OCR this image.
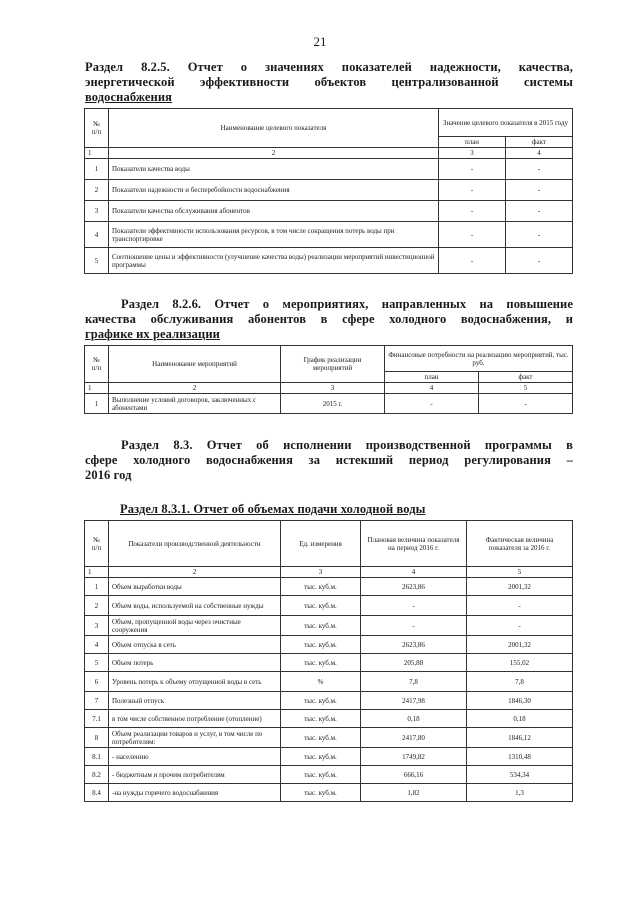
21
Раздел 8.2.5. Отчет о значениях показателей надежности, качества,
энергетической эффективности объектов централизованной системы
водоснабжения
№
п/п	Наименование целевого показателя	Значение целевого показателя в 2015 году	
		план	факт
1	2	3	4
1	Показатели качества воды	-	-
2	Показатели надежности и бесперебойности водоснабжения	-	-
3	Показатели качества обслуживания абонентов	-	-
4	Показатели эффективности использования ресурсов, в том числе сокращения потерь воды при транспортировке	-	-
5	Соотношение цены и эффективности (улучшение качества воды) реализации мероприятий инвестиционной программы	-	-
Раздел 8.2.6. Отчет о мероприятиях, направленных на повышение
качества обслуживания абонентов в сфере холодного водоснабжения, и
графике их реализации
№
п/п	Наименование мероприятий	График реализации мероприятий	Финансовые потребности на реализацию мероприятий, тыс. руб.	
			план	факт
1	2	3	4	5
1	Выполнение условий договоров, заключенных с абонентами	2015 г.	-	-
Раздел 8.3. Отчет об исполнении производственной программы в
сфере холодного водоснабжения за истекший период регулирования –
2016 год
Раздел 8.3.1. Отчет об объемах подачи холодной воды
№
п/п	Показатели производственной деятельности	Ед. измерения	Плановая величина показателя на период 2016 г.	Фактическая величина показателя за 2016 г.
1	2	3	4	5
1	Объем выработки воды	тыс. куб.м.	2623,86	2001,32
2	Объем воды, используемой на собственные нужды	тыс. куб.м.	-	-
3	Объем, пропущенной воды через очистные сооружения	тыс. куб.м.	-	-
4	Объем отпуска в сеть	тыс. куб.м.	2623,86	2001,32
5	Объем потерь	тыс. куб.м.	205,88	155,02
6	Уровень потерь к объему отпущенной воды в сеть	%	7,8	7,8
7	Полезный отпуск	тыс. куб.м.	2417,98	1846,30
7.1	в том числе собственное потребление (отопление)	тыс. куб.м.	0,18	0,18
8	Объем реализации товаров и услуг, в том числе по потребителям:	тыс. куб.м.	2417,80	1846,12
8.1	- населению	тыс. куб.м.	1749,82	1310,48
8.2	- бюджетным и прочим потребителям	тыс. куб.м.	666,16	534,34
8.4	-на нужды горячего водоснабжения	тыс. куб.м.	1,82	1,3
